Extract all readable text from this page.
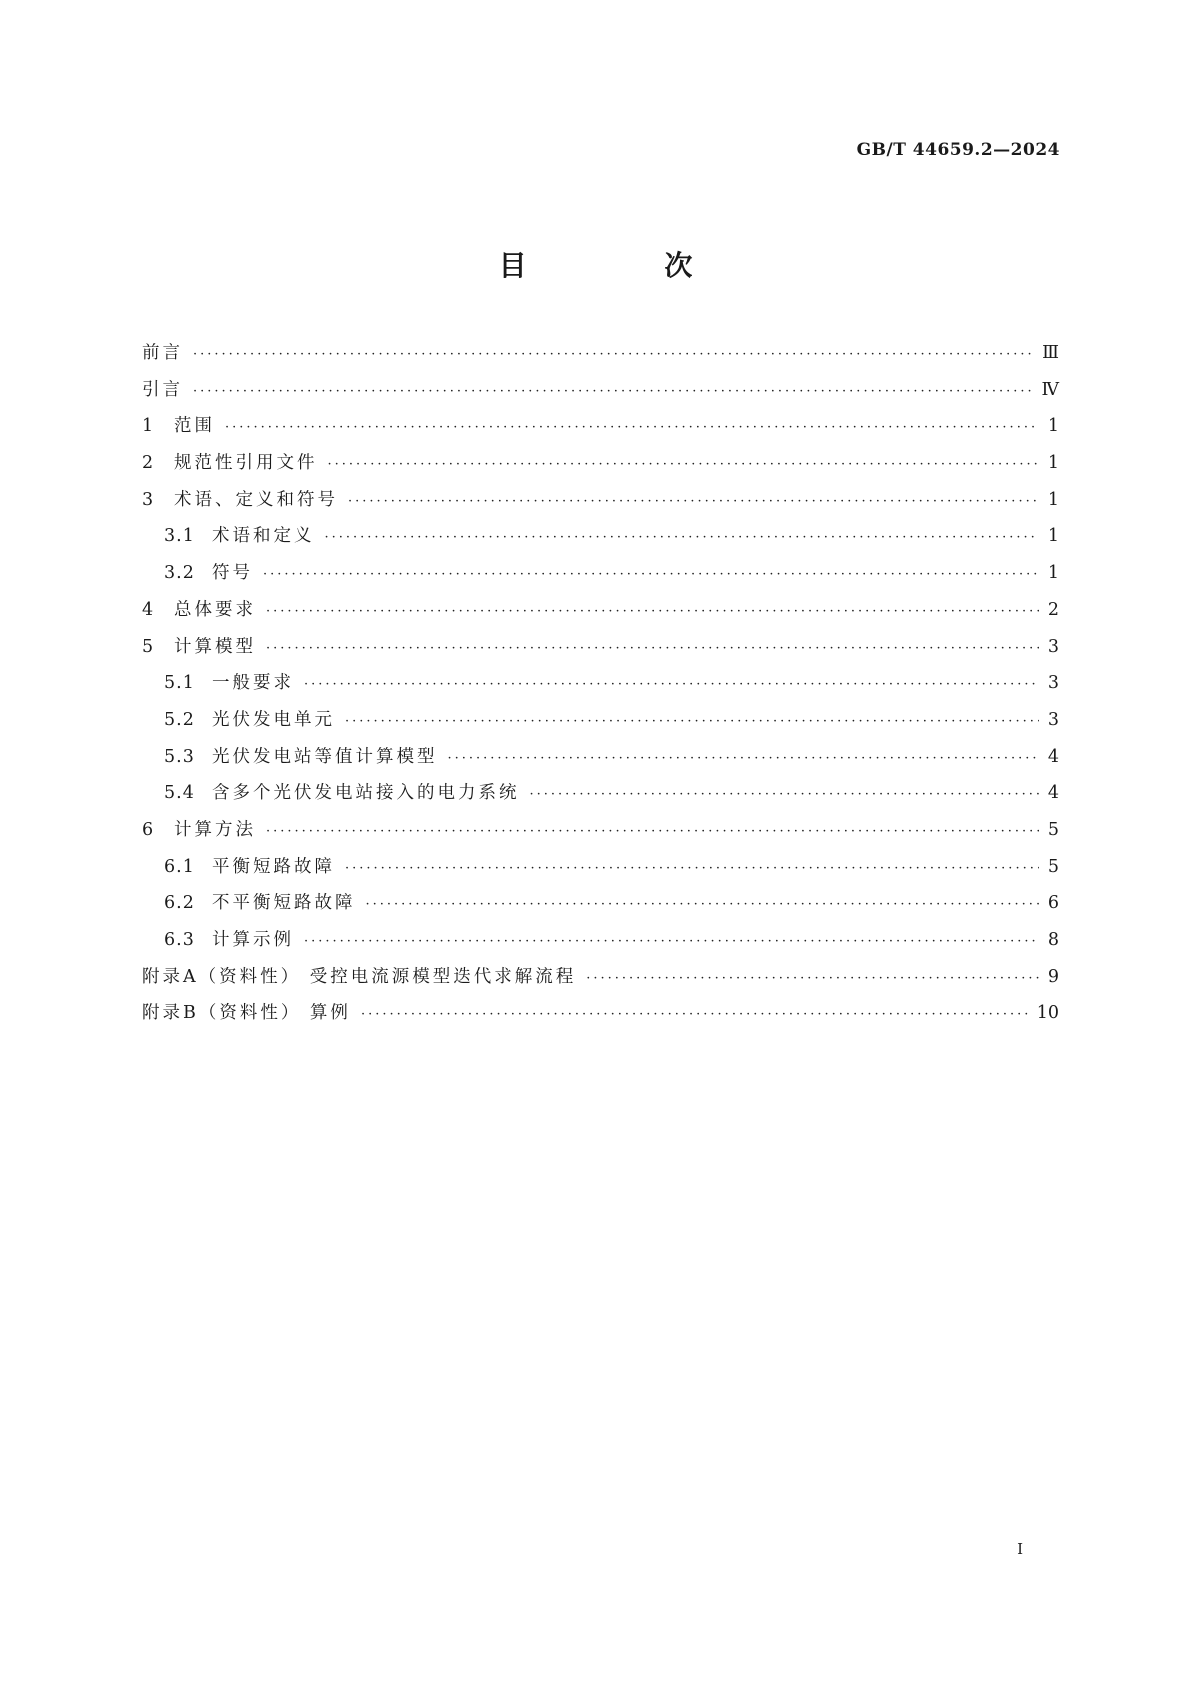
GB/T 44659.2—2024
目 次
前言 ·····	Ⅲ
引言 ·····	Ⅳ
1	范围 ·····	1
2	规范性引用文件 ·····	1
3	术语、定义和符号 ·····	1
3.1 术语和定义 ·····	1
3.2 符号 ·····	1
4	总体要求 ·····	2
5	计算模型 ·····	3
5.1 一般要求 ·····	3
5.2 光伏发电单元 ·····	3
5.3 光伏发电站等值计算模型 ·····	4
5.4 含多个光伏发电站接入的电力系统 ·····	4
6	计算方法 ·····	5
6.1 平衡短路故障 ·····	5
6.2 不平衡短路故障 ·····	6
6.3 计算示例 ·····	8
附录A（资料性） 受控电流源模型迭代求解流程 ·····	9
附录B（资料性） 算例 ·····	10
I
